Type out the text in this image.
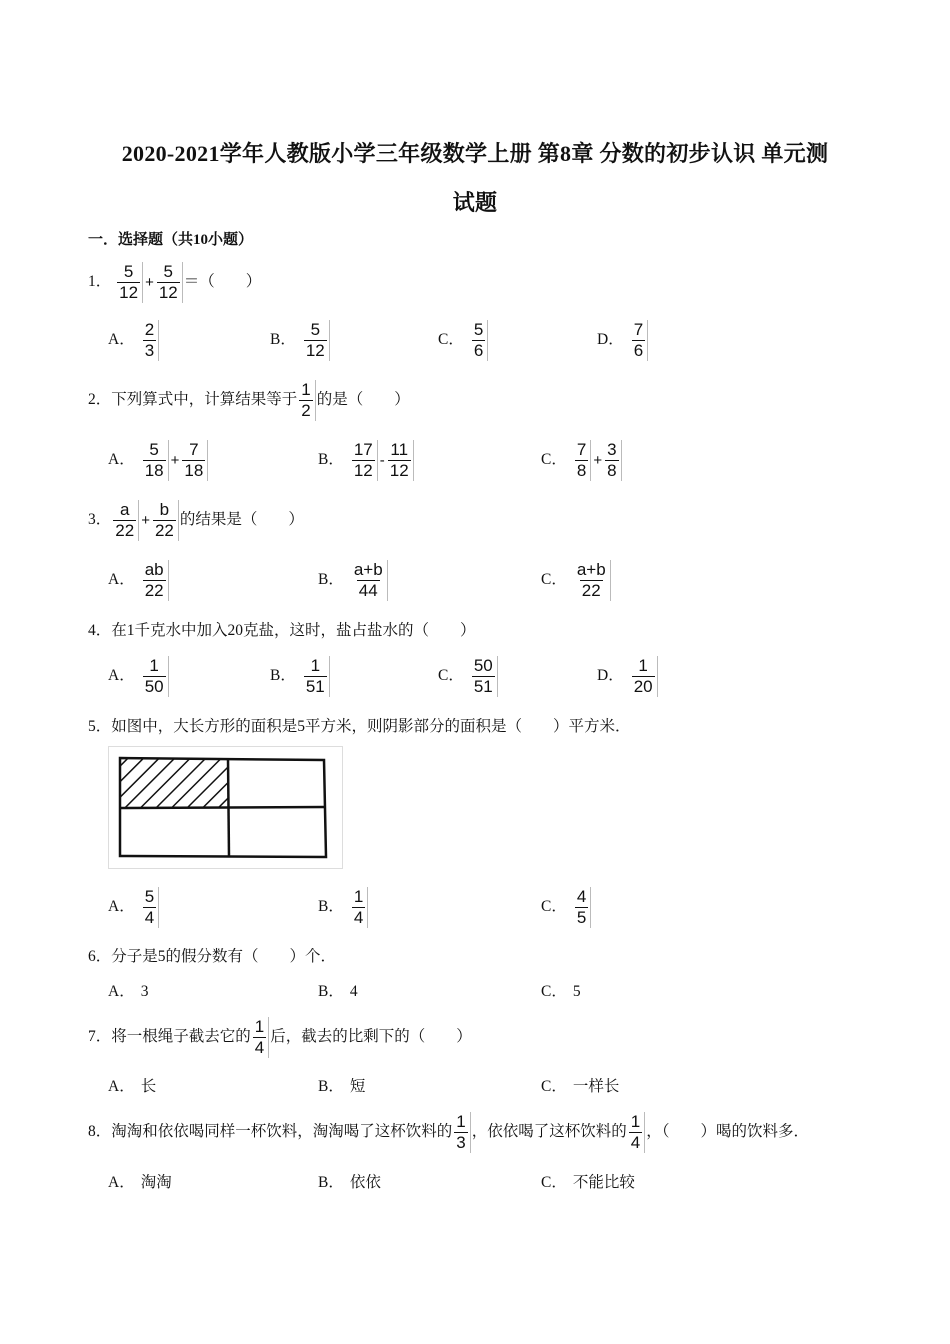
2020-2021学年人教版小学三年级数学上册 第8章 分数的初步认识 单元测
试题
一．选择题（共10小题）
1． $\frac{5}{12} + \frac{5}{12}$ ＝（　　）
A． $\frac{2}{3}$	B． $\frac{5}{12}$	C． $\frac{5}{6}$	D． $\frac{7}{6}$
2．下列算式中，计算结果等于 $\frac{1}{2}$ 的是（　　）
A． $\frac{5}{18} + \frac{7}{18}$	B． $\frac{17}{12} - \frac{11}{12}$	C． $\frac{7}{8} + \frac{3}{8}$
3． $\frac{a}{22} + \frac{b}{22}$ 的结果是（　　）
A． $\frac{ab}{22}$	B． $\frac{a+b}{44}$	C． $\frac{a+b}{22}$
4．在1千克水中加入20克盐，这时，盐占盐水的（　　）
A． $\frac{1}{50}$	B． $\frac{1}{51}$	C． $\frac{50}{51}$	D． $\frac{1}{20}$
5．如图中，大长方形的面积是5平方米，则阴影部分的面积是（　　）平方米．
A． $\frac{5}{4}$	B． $\frac{1}{4}$	C． $\frac{4}{5}$
6．分子是5的假分数有（　　）个．
A． 3	B． 4	C． 5
7．将一根绳子截去它的 $\frac{1}{4}$ 后，截去的比剩下的（　　）
A． 长	B． 短	C． 一样长
8．淘淘和依依喝同样一杯饮料，淘淘喝了这杯饮料的 $\frac{1}{3}$ ，依依喝了这杯饮料的 $\frac{1}{4}$ ，（　　）喝的饮料多．
A． 淘淘	B． 依依	C． 不能比较
